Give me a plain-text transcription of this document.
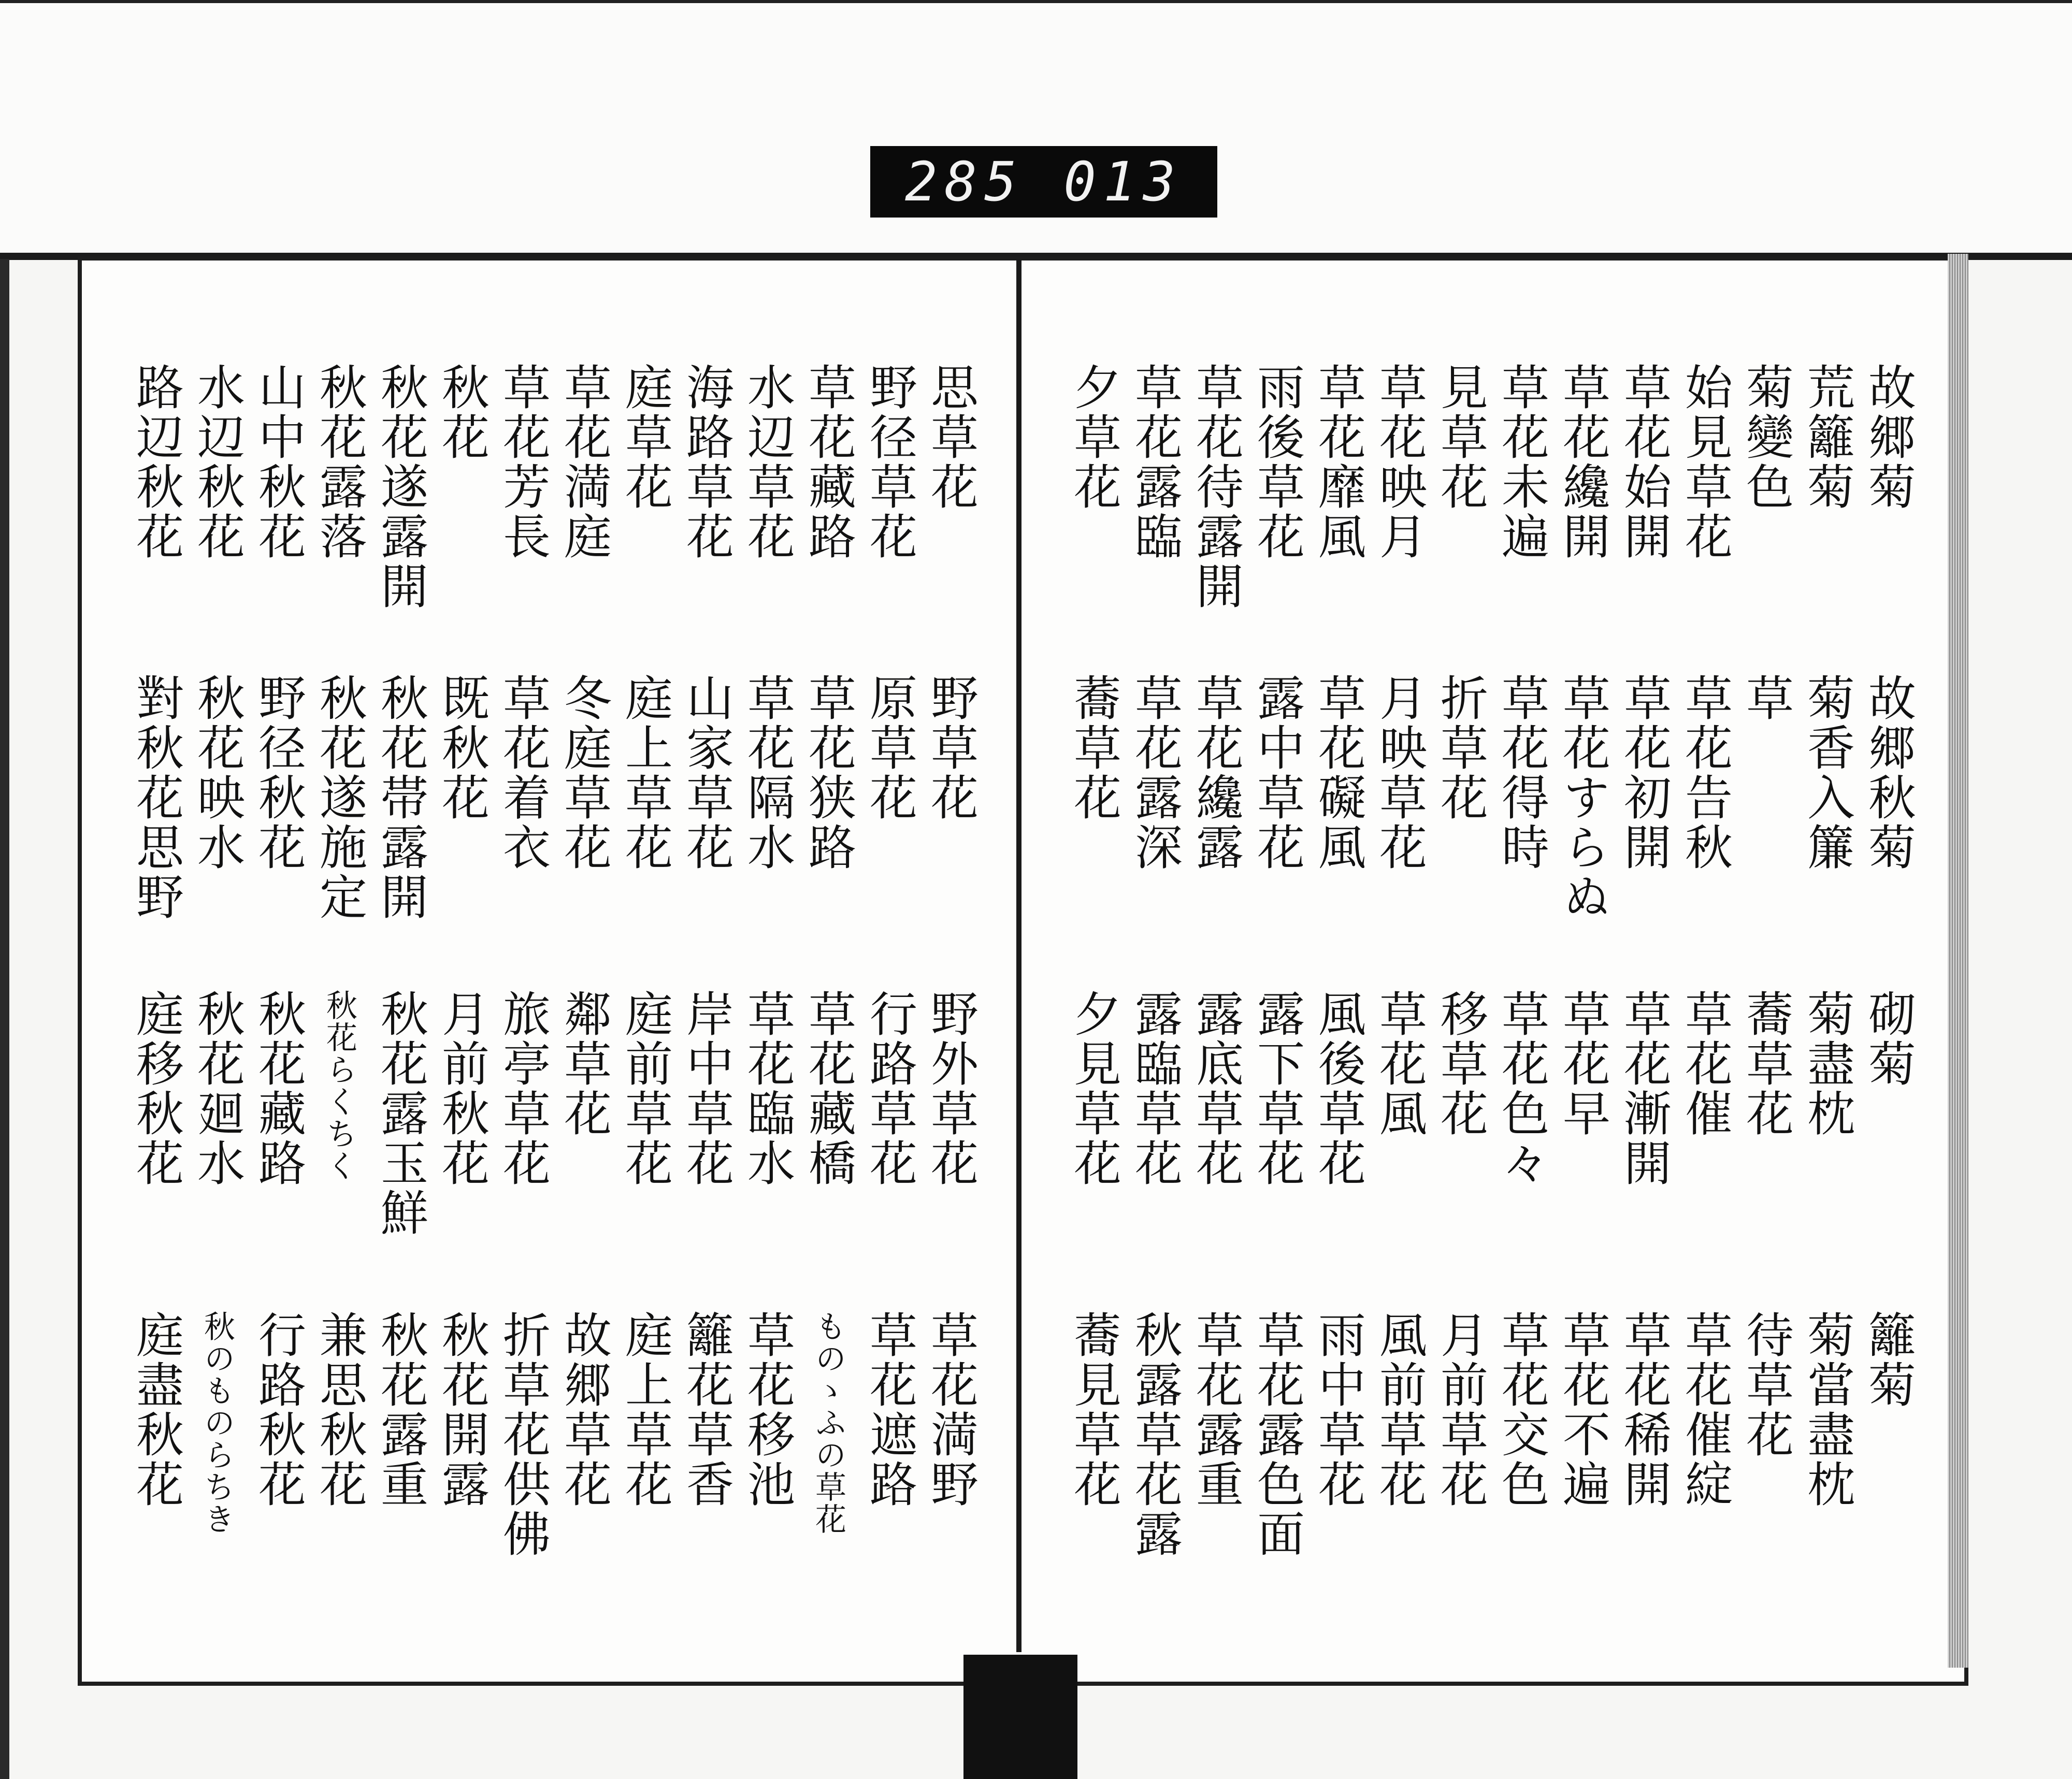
285 013
故郷菊
故郷秋菊
砌菊
籬菊
荒籬菊
菊香入簾
菊盡枕
菊當盡枕
菊變色
草
蕎草花
待草花
始見草花
草花告秋
草花催
草花催綻
草花始開
草花初開
草花漸開
草花稀開
草花纔開
草花すらぬ
草花早
草花不遍
草花未遍
草花得時
草花色々
草花交色
見草花
折草花
移草花
月前草花
草花映月
月映草花
草花風
風前草花
草花靡風
草花礙風
風後草花
雨中草花
雨後草花
露中草花
露下草花
草花露色面
草花待露開
草花纔露
露底草花
草花露重
草花露臨
草花露深
露臨草花
秋露草花露
夕草花
蕎草花
夕見草花
蕎見草花
思草花
野草花
野外草花
草花満野
野径草花
原草花
行路草花
草花遮路
草花藏路
草花狭路
草花藏橋
ものゝふの草花
水辺草花
草花隔水
草花臨水
草花移池
海路草花
山家草花
岸中草花
籬花草香
庭草花
庭上草花
庭前草花
庭上草花
草花満庭
冬庭草花
鄰草花
故郷草花
草花芳長
草花着衣
旅亭草花
折草花供佛
秋花
既秋花
月前秋花
秋花開露
秋花遂露開
秋花帯露開
秋花露玉鮮
秋花露重
秋花露落
秋花遂施定
秋花らくちく
兼思秋花
山中秋花
野径秋花
秋花藏路
行路秋花
水辺秋花
秋花映水
秋花廻水
秋のものらちき
路辺秋花
對秋花思野
庭移秋花
庭盡秋花
